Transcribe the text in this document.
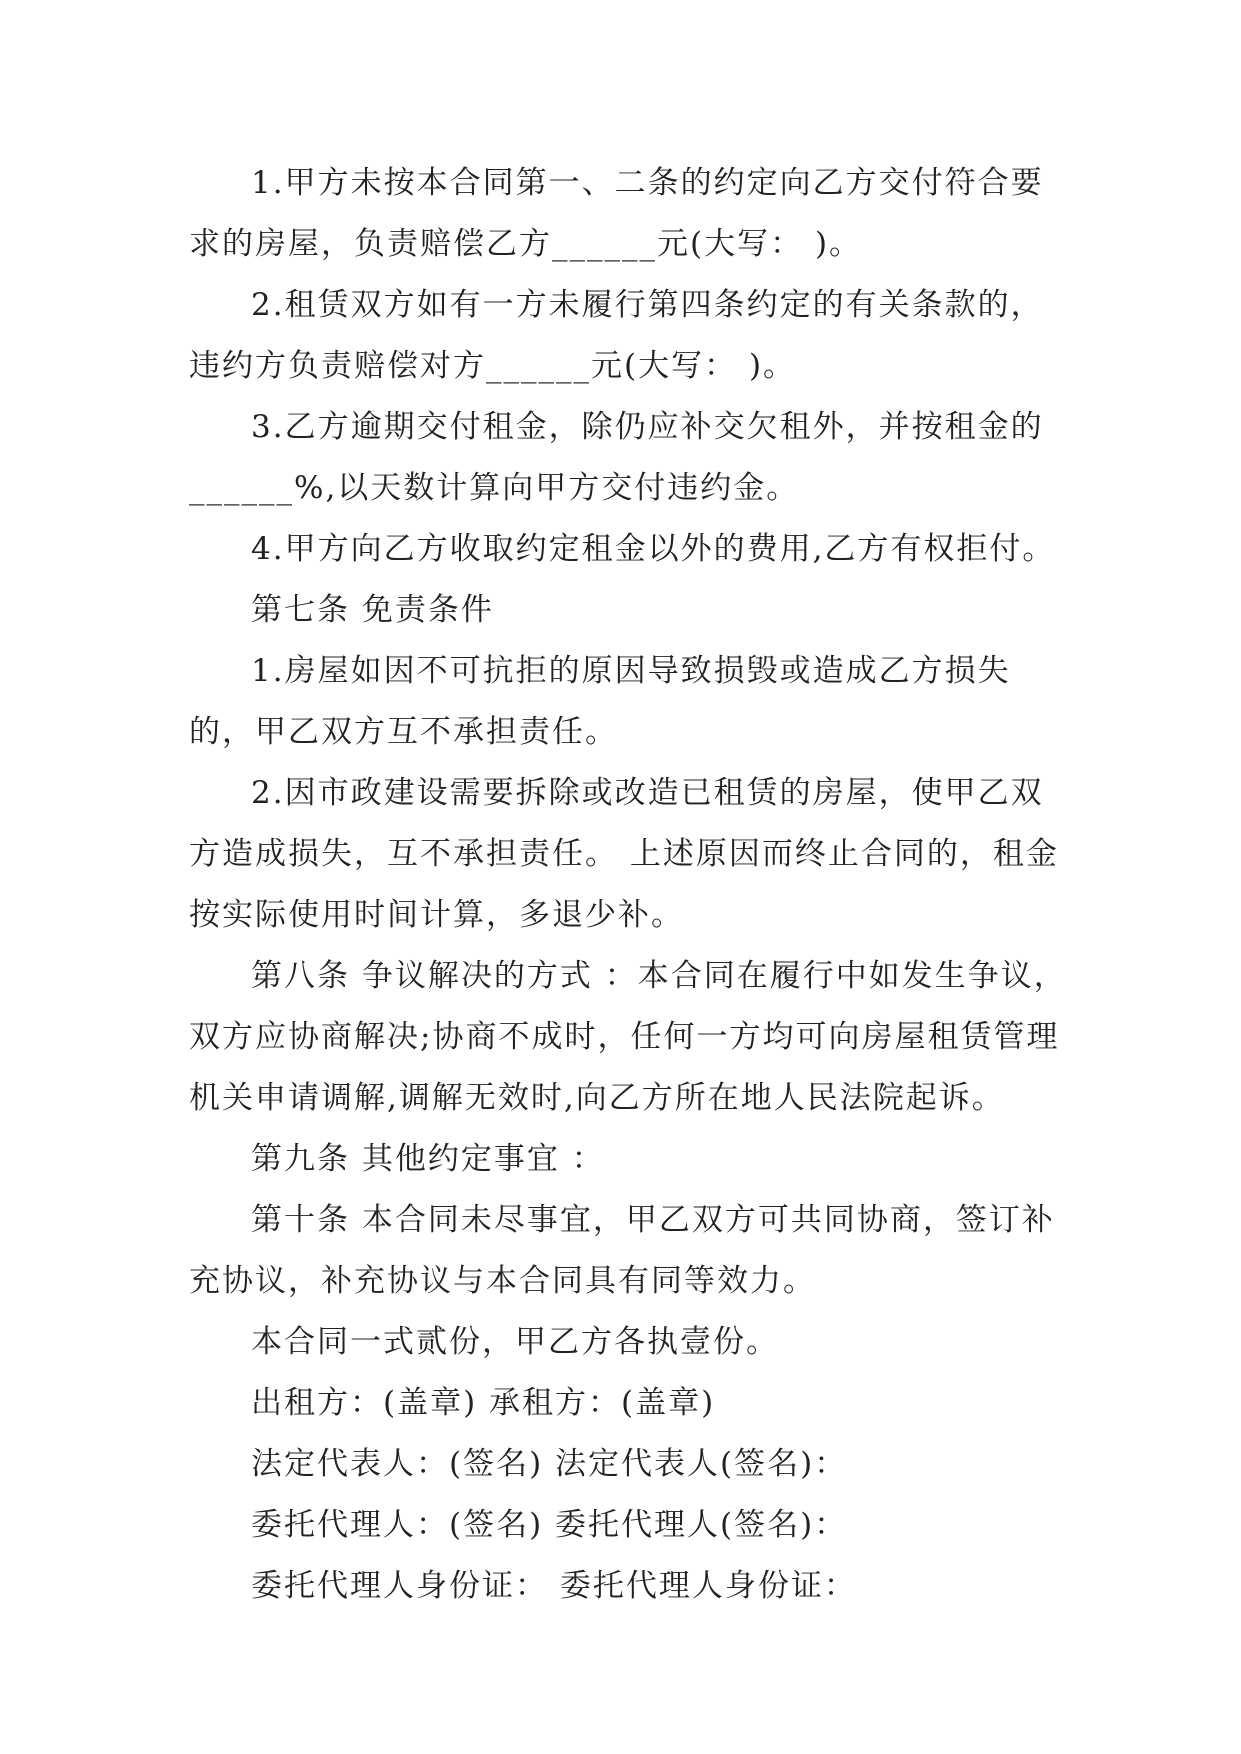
1.甲方未按本合同第一、二条的约定向乙方交付符合要求的房屋，负责赔偿乙方______元(大写： )。

2.租赁双方如有一方未履行第四条约定的有关条款的，违约方负责赔偿对方______元(大写： )。

3.乙方逾期交付租金，除仍应补交欠租外，并按租金的______%,以天数计算向甲方交付违约金。

4.甲方向乙方收取约定租金以外的费用,乙方有权拒付。

第七条 免责条件

1.房屋如因不可抗拒的原因导致损毁或造成乙方损失的，甲乙双方互不承担责任。

2.因市政建设需要拆除或改造已租赁的房屋，使甲乙双方造成损失，互不承担责任。 上述原因而终止合同的，租金按实际使用时间计算，多退少补。

第八条 争议解决的方式 ：本合同在履行中如发生争议，双方应协商解决;协商不成时，任何一方均可向房屋租赁管理机关申请调解,调解无效时,向乙方所在地人民法院起诉。

第九条 其他约定事宜 ：

第十条 本合同未尽事宜，甲乙双方可共同协商，签订补充协议，补充协议与本合同具有同等效力。

本合同一式贰份，甲乙方各执壹份。

出租方：(盖章) 承租方：(盖章)

法定代表人：(签名) 法定代表人(签名)：

委托代理人：(签名) 委托代理人(签名)：

委托代理人身份证： 委托代理人身份证：
